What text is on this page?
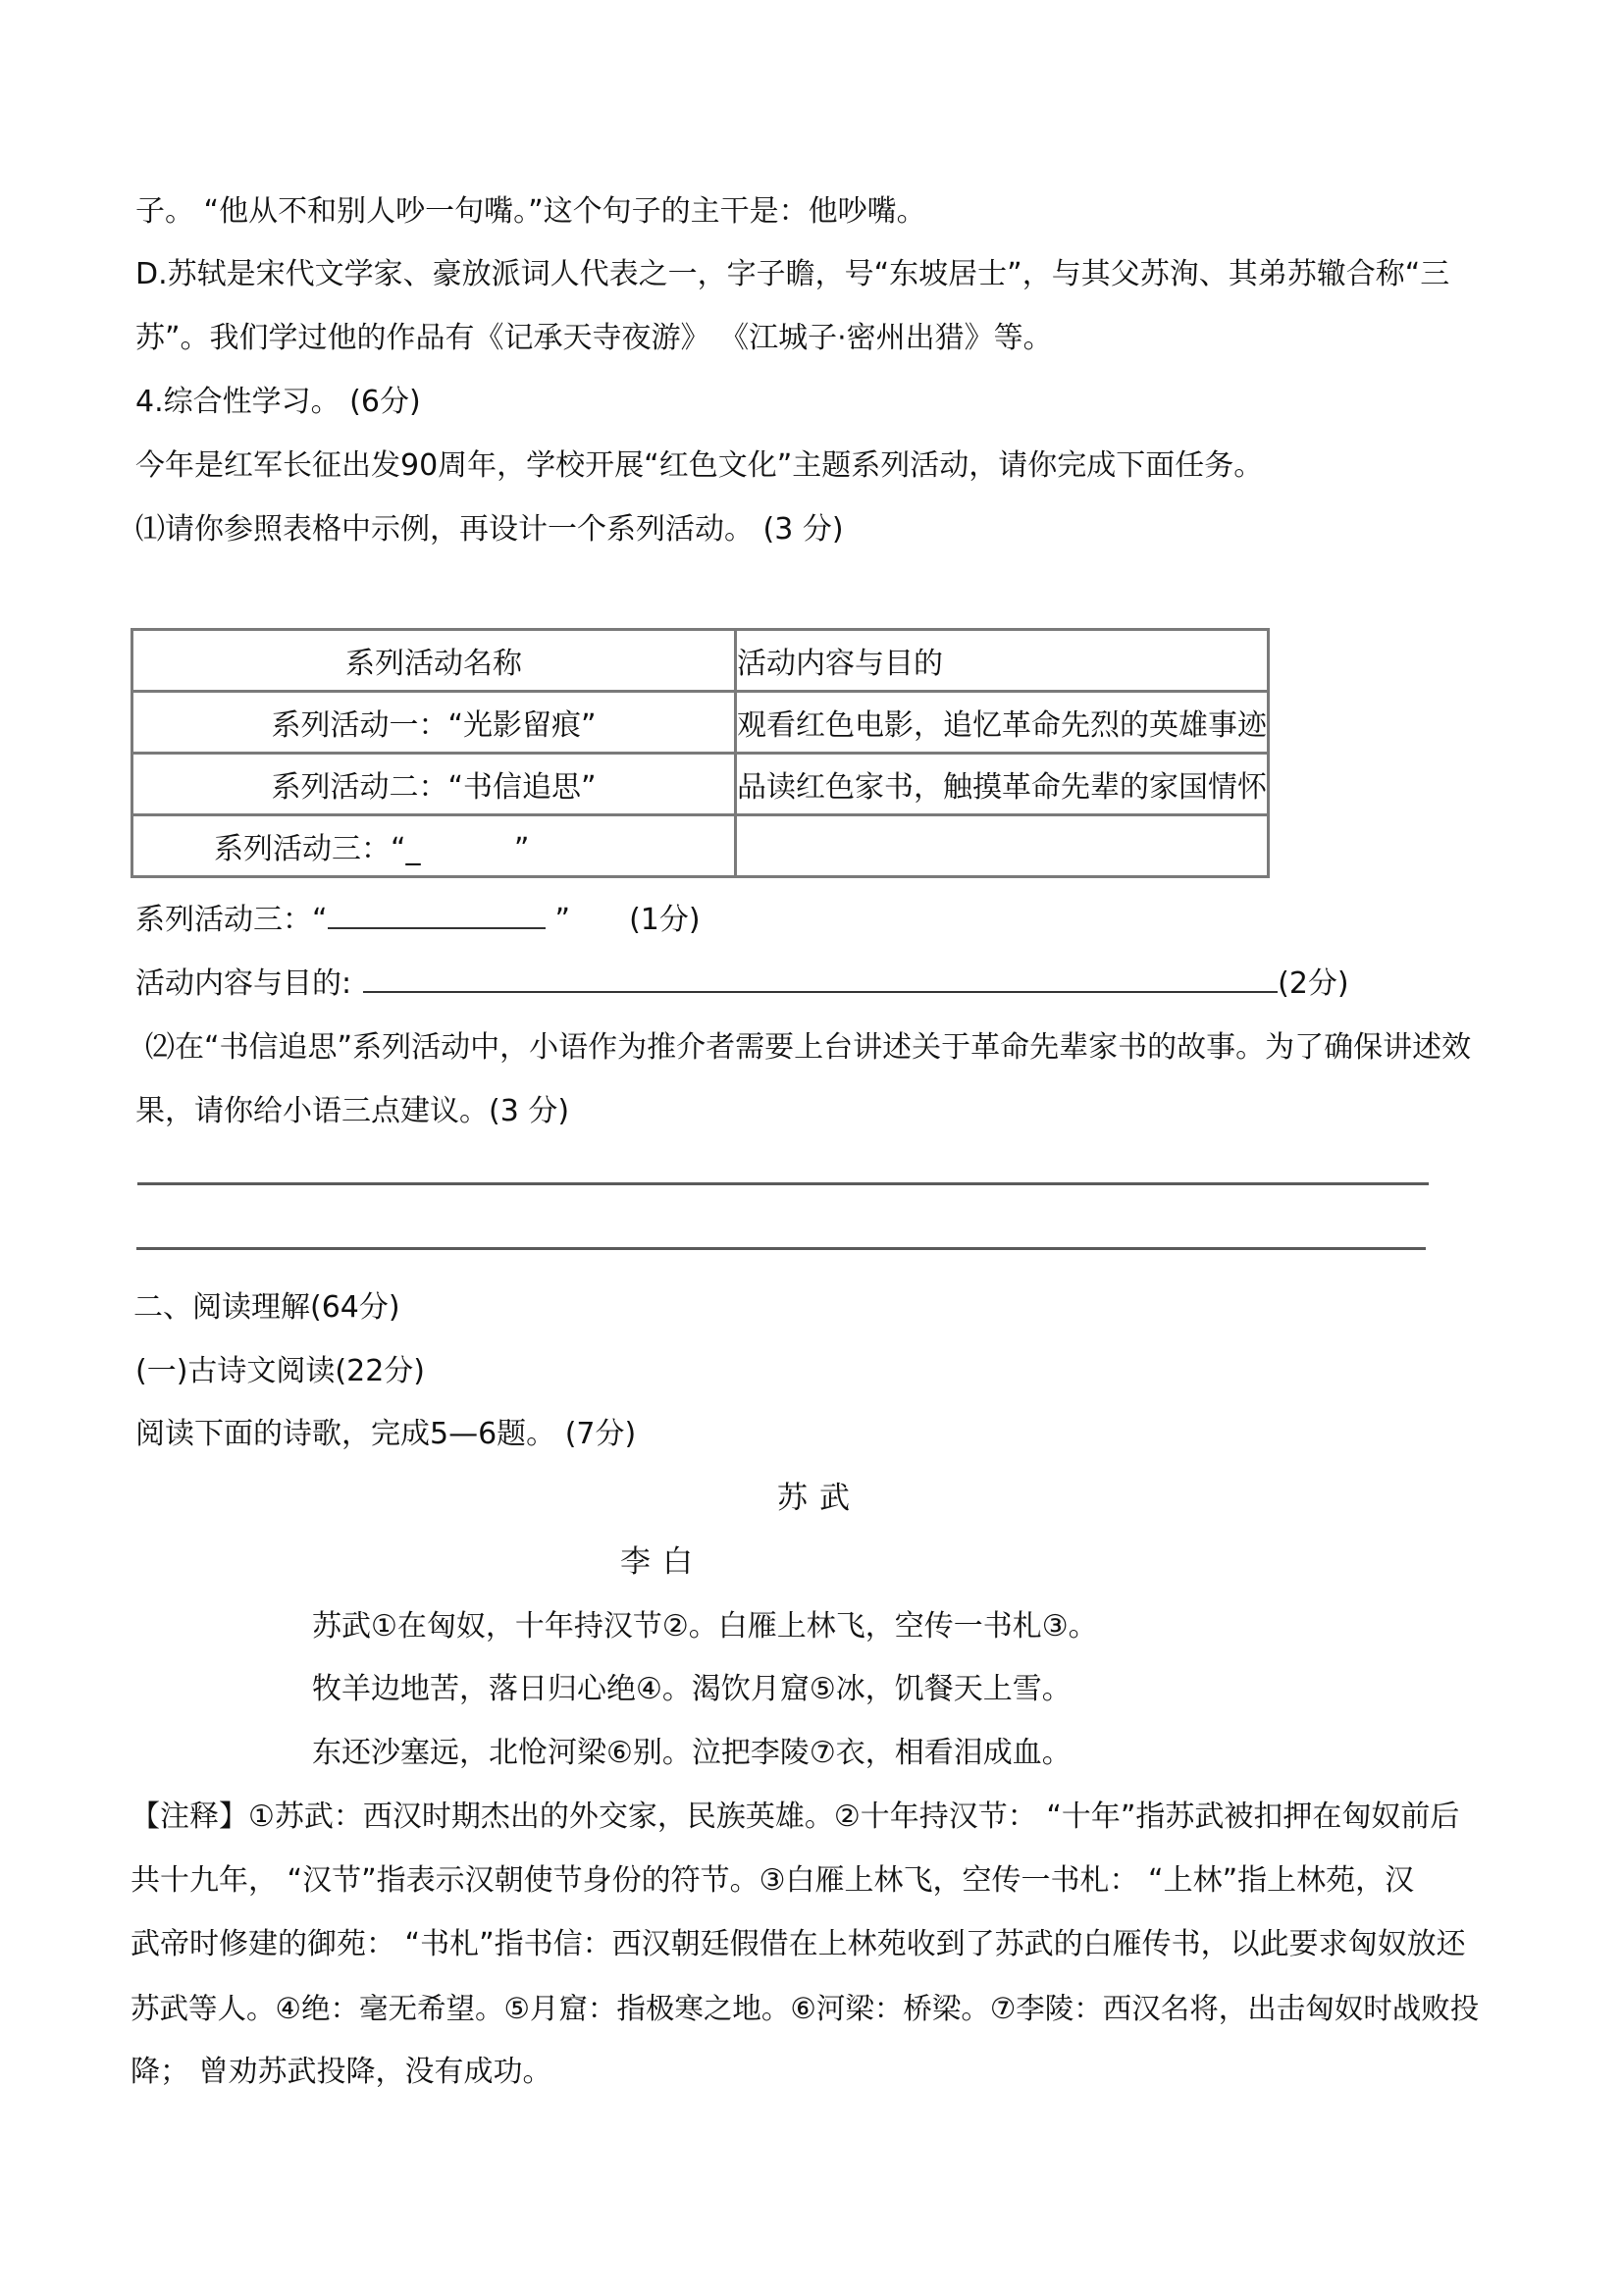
子。 “他从不和别人吵一句嘴。”这个句子的主干是：他吵嘴。
D.苏轼是宋代文学家、豪放派词人代表之一，字子瞻，号“东坡居士”，与其父苏洵、其弟苏辙合称“三
苏”。我们学过他的作品有《记承天寺夜游》 《江城子·密州出猎》等。
4.综合性学习。 (6分)
今年是红军长征出发90周年，学校开展“红色文化”主题系列活动，请你完成下面任务。
⑴请你参照表格中示例，再设计一个系列活动。 (3 分)
系列活动名称	活动内容与目的
系列活动一：“光影留痕”	观看红色电影，追忆革命先烈的英雄事迹
系列活动二：“书信追思”	品读红色家书，触摸革命先辈的家国情怀
系列活动三：“_          ”	
系列活动三：“	” (1分)
活动内容与目的:	(2分)
⑵在“书信追思”系列活动中，小语作为推介者需要上台讲述关于革命先辈家书的故事。为了确保讲述效
果，请你给小语三点建议。(3 分)
二、阅读理解(64分)
(一)古诗文阅读(22分)
阅读下面的诗歌，完成5—6题。 (7分)
苏武
李白
苏武①在匈奴，十年持汉节②。白雁上林飞，空传一书札③。
牧羊边地苦，落日归心绝④。渴饮月窟⑤冰，饥餐天上雪。
东还沙塞远，北怆河梁⑥别。泣把李陵⑦衣，相看泪成血。
【注释】①苏武：西汉时期杰出的外交家，民族英雄。②十年持汉节： “十年”指苏武被扣押在匈奴前后
共十九年， “汉节”指表示汉朝使节身份的符节。③白雁上林飞，空传一书札： “上林”指上林苑，汉
武帝时修建的御苑： “书札”指书信：西汉朝廷假借在上林苑收到了苏武的白雁传书，以此要求匈奴放还
苏武等人。④绝：毫无希望。⑤月窟：指极寒之地。⑥河梁：桥梁。⑦李陵：西汉名将，出击匈奴时战败投
降； 曾劝苏武投降，没有成功。
